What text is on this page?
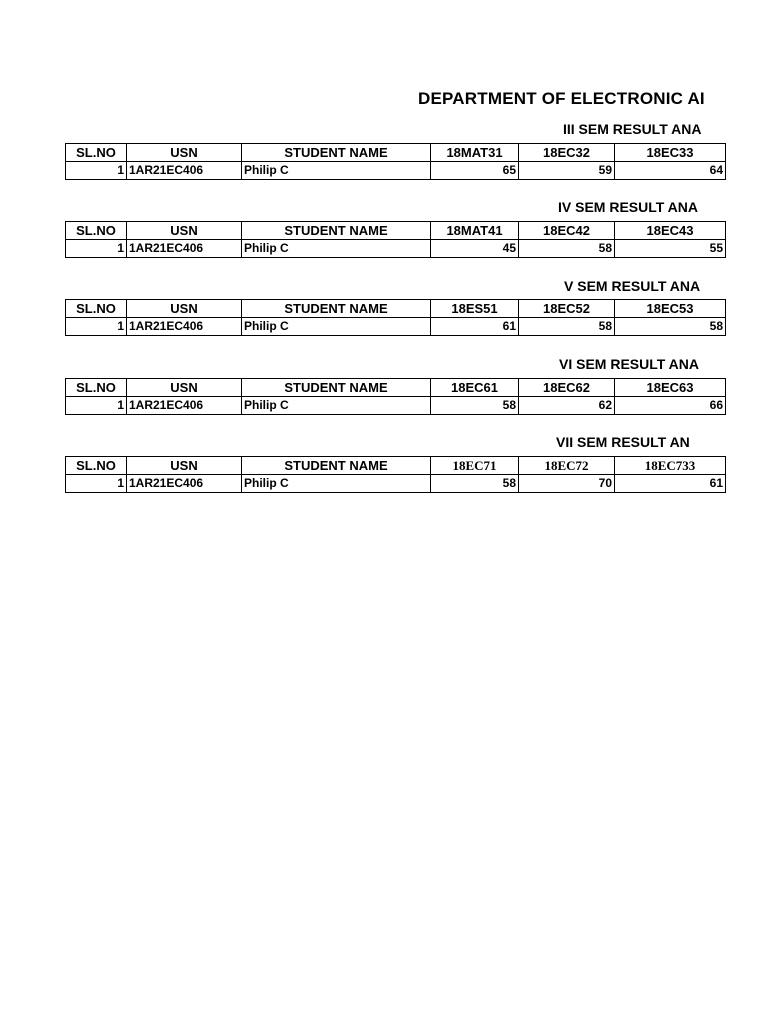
DEPARTMENT OF ELECTRONIC AI
III SEM RESULT ANA
SL.NO	USN	STUDENT NAME	18MAT31	18EC32	18EC33
1	1AR21EC406	Philip C	65	59	64
IV SEM RESULT ANA
SL.NO	USN	STUDENT NAME	18MAT41	18EC42	18EC43
1	1AR21EC406	Philip C	45	58	55
V SEM RESULT ANA
SL.NO	USN	STUDENT NAME	18ES51	18EC52	18EC53
1	1AR21EC406	Philip C	61	58	58
VI SEM RESULT ANA
SL.NO	USN	STUDENT NAME	18EC61	18EC62	18EC63
1	1AR21EC406	Philip C	58	62	66
VII SEM RESULT AN
SL.NO	USN	STUDENT NAME	18EC71	18EC72	18EC733
1	1AR21EC406	Philip C	58	70	61
